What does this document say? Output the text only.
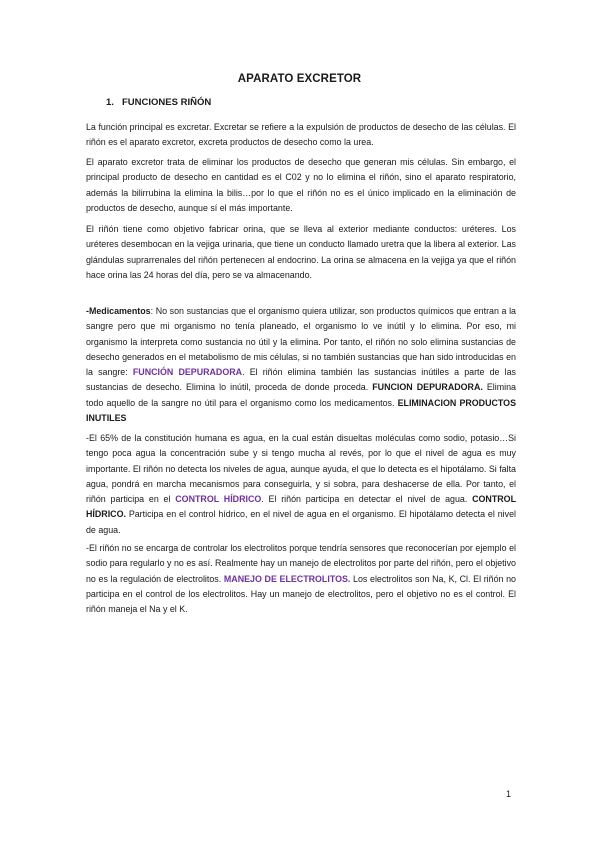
APARATO EXCRETOR
1. FUNCIONES RIÑÓN

La función principal es excretar. Excretar se refiere a la expulsión de productos de desecho de las células. El riñón es el aparato excretor, excreta productos de desecho como la urea.

El aparato excretor trata de eliminar los productos de desecho que generan mis células. Sin embargo, el principal producto de desecho en cantidad es el C02 y no lo elimina el riñón, sino el aparato respiratorio, además la bilirrubina la elimina la bilis…por lo que el riñón no es el único implicado en la eliminación de productos de desecho, aunque sí el más importante.

El riñón tiene como objetivo fabricar orina, que se lleva al exterior mediante conductos: uréteres. Los uréteres desembocan en la vejiga urinaria, que tiene un conducto llamado uretra que la libera al exterior. Las glándulas suprarrenales del riñón pertenecen al endocrino. La orina se almacena en la vejiga ya que el riñón hace orina las 24 horas del día, pero se va almacenando.

-Medicamentos: No son sustancias que el organismo quiera utilizar, son productos químicos que entran a la sangre pero que mi organismo no tenía planeado, el organismo lo ve inútil y lo elimina. Por eso, mi organismo la interpreta como sustancia no útil y la elimina. Por tanto, el riñón no solo elimina sustancias de desecho generados en el metabolismo de mis células, si no también sustancias que han sido introducidas en la sangre: FUNCIÓN DEPURADORA. El riñón elimina también las sustancias inútiles a parte de las sustancias de desecho. Elimina lo inútil, proceda de donde proceda. FUNCION DEPURADORA. Elimina todo aquello de la sangre no útil para el organismo como los medicamentos. ELIMINACION PRODUCTOS INUTILES

-El 65% de la constitución humana es agua, en la cual están disueltas moléculas como sodio, potasio…Si tengo poca agua la concentración sube y si tengo mucha al revés, por lo que el nivel de agua es muy importante. El riñón no detecta los niveles de agua, aunque ayuda, el que lo detecta es el hipotálamo. Si falta agua, pondrá en marcha mecanismos para conseguirla, y si sobra, para deshacerse de ella. Por tanto, el riñón participa en el CONTROL HÍDRICO. El riñón participa en detectar el nivel de agua. CONTROL HÍDRICO. Participa en el control hídrico, en el nivel de agua en el organismo. El hipotálamo detecta el nivel de agua.

-El riñón no se encarga de controlar los electrolitos porque tendría sensores que reconocerían por ejemplo el sodio para regularlo y no es así. Realmente hay un manejo de electrolitos por parte del riñón, pero el objetivo no es la regulación de electrolitos. MANEJO DE ELECTROLITOS. Los electrolitos son Na, K, Cl. El riñón no participa en el control de los electrolitos. Hay un manejo de electrolitos, pero el objetivo no es el control. El riñón maneja el Na y el K.

1
